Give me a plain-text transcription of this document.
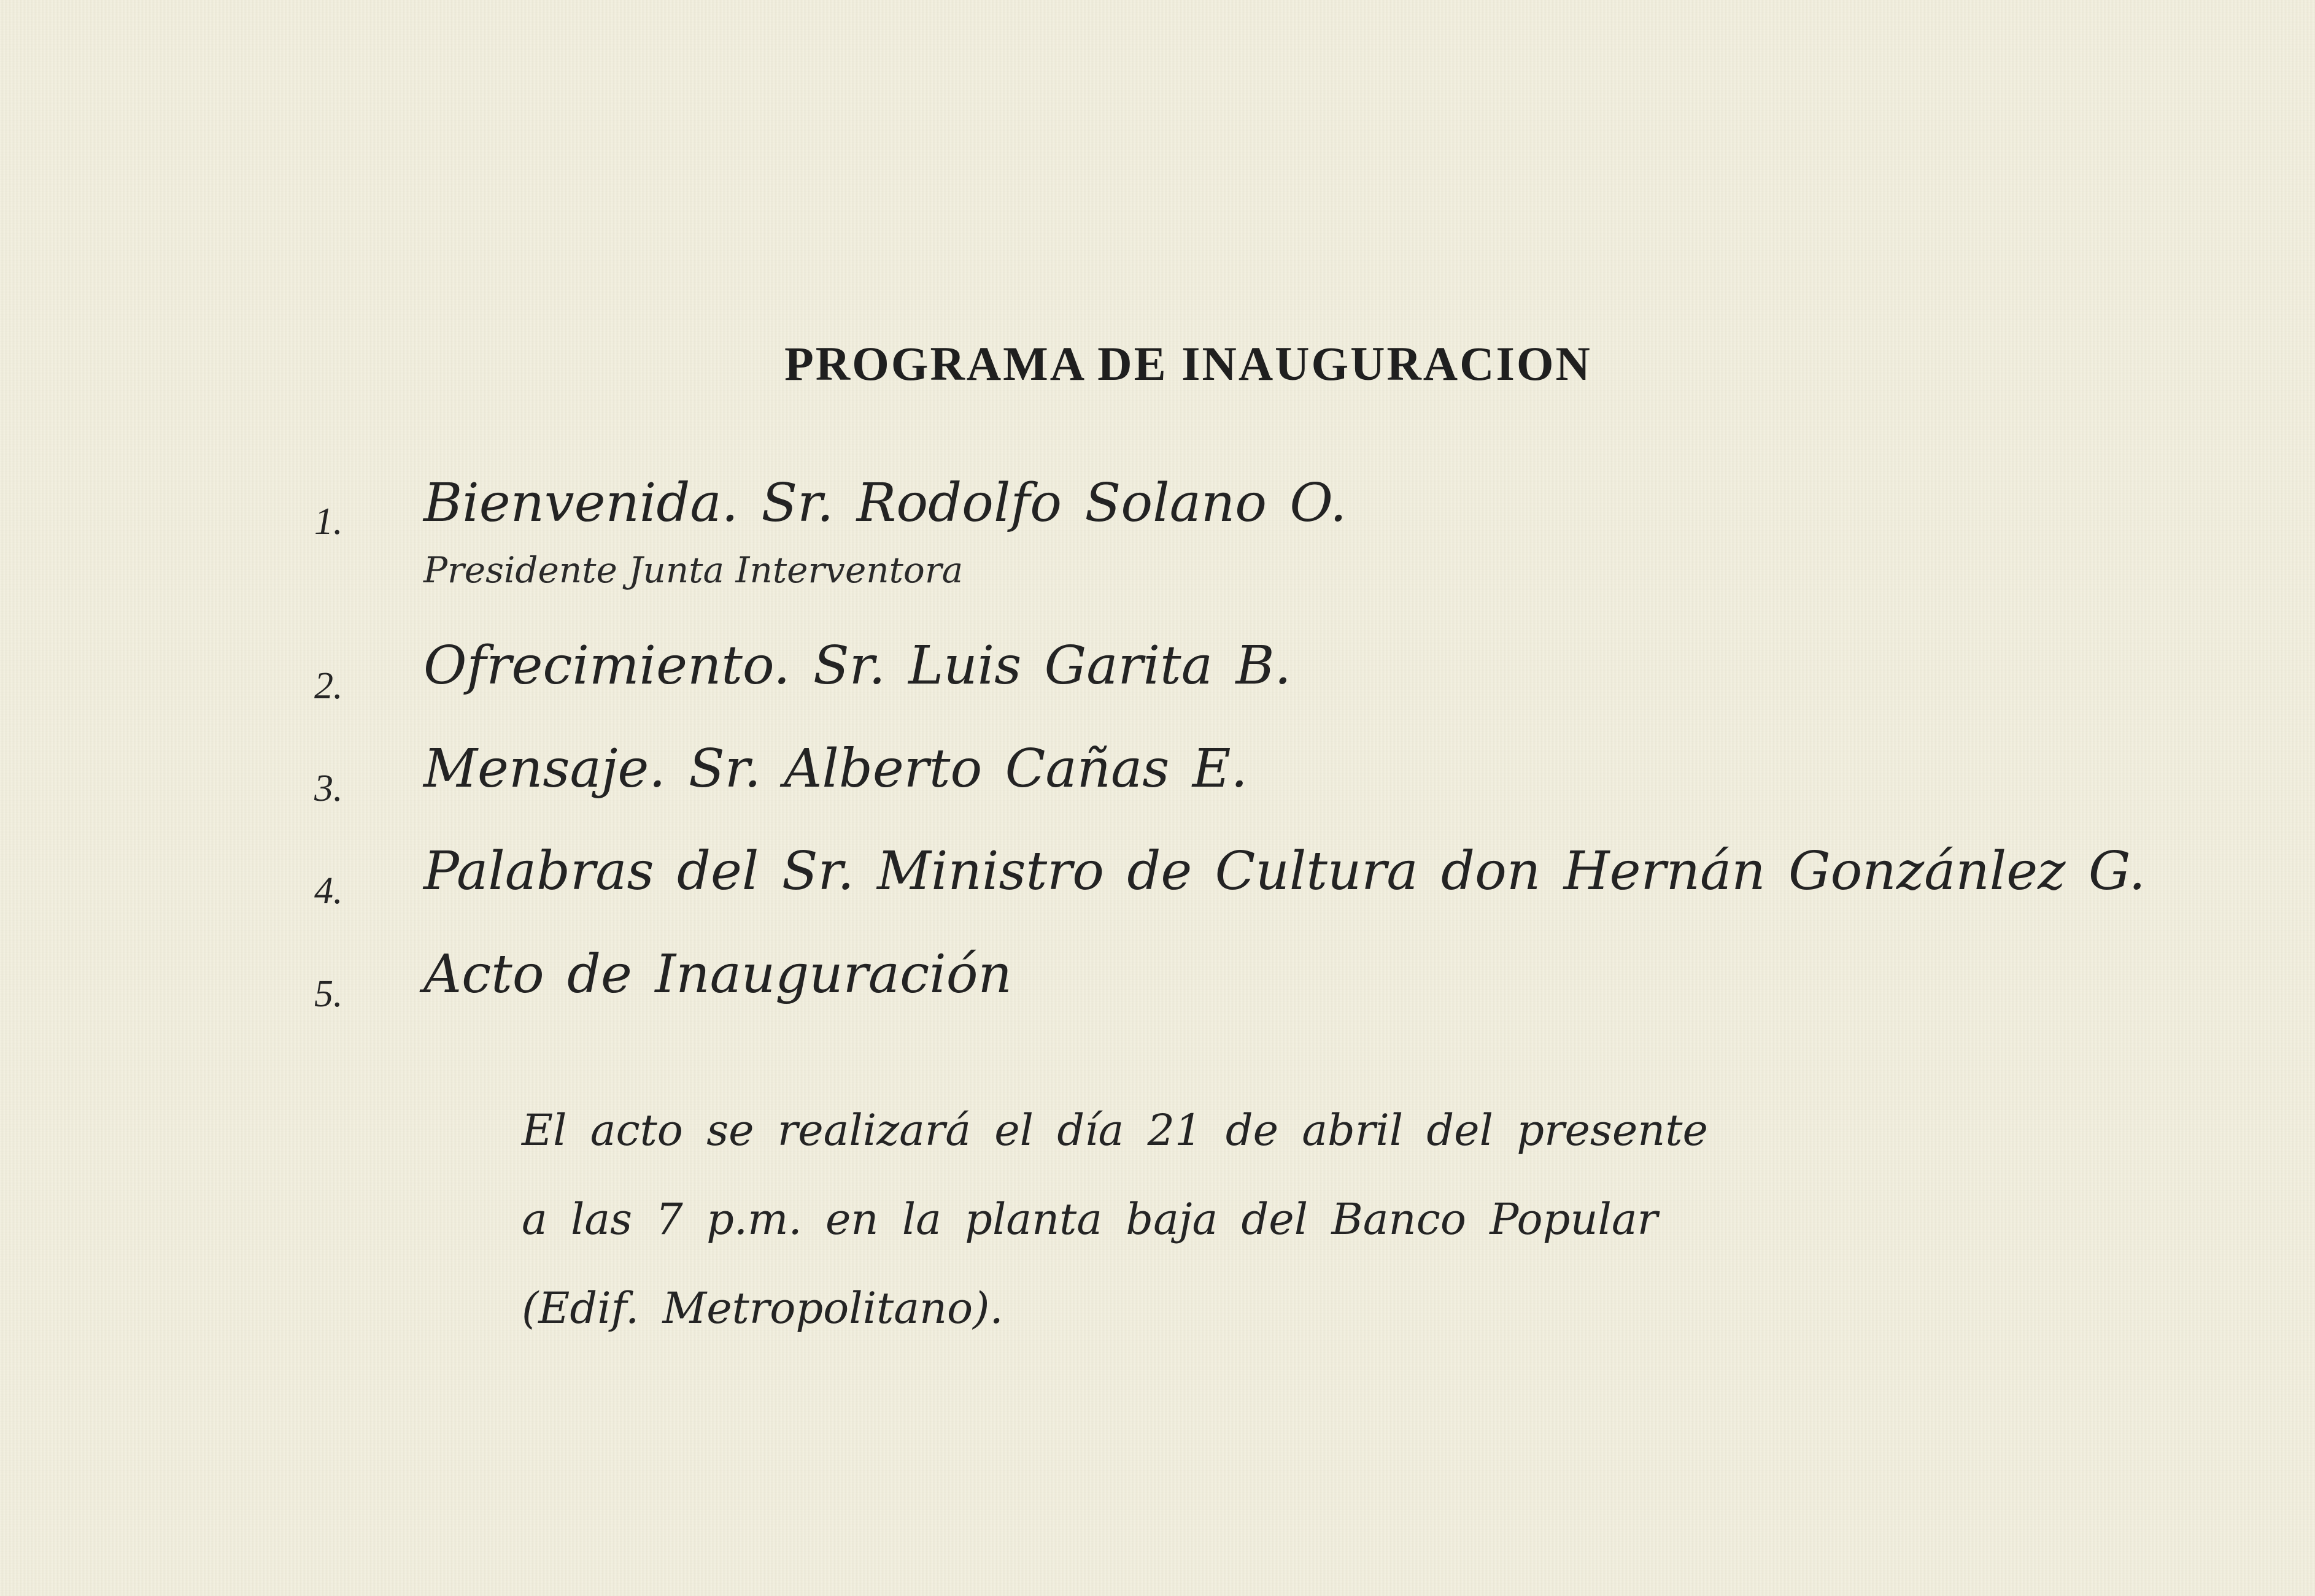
PROGRAMA DE INAUGURACION
1. Bienvenida. Sr. Rodolfo Solano O.
Presidente Junta Interventora
2. Ofrecimiento. Sr. Luis Garita B.
3. Mensaje. Sr. Alberto Cañas E.
4. Palabras del Sr. Ministro de Cultura don Hernán Gonzánlez G.
5. Acto de Inauguración
El acto se realizará el día 21 de abril del presente
a las 7 p.m. en la planta baja del Banco Popular
(Edif. Metropolitano).
